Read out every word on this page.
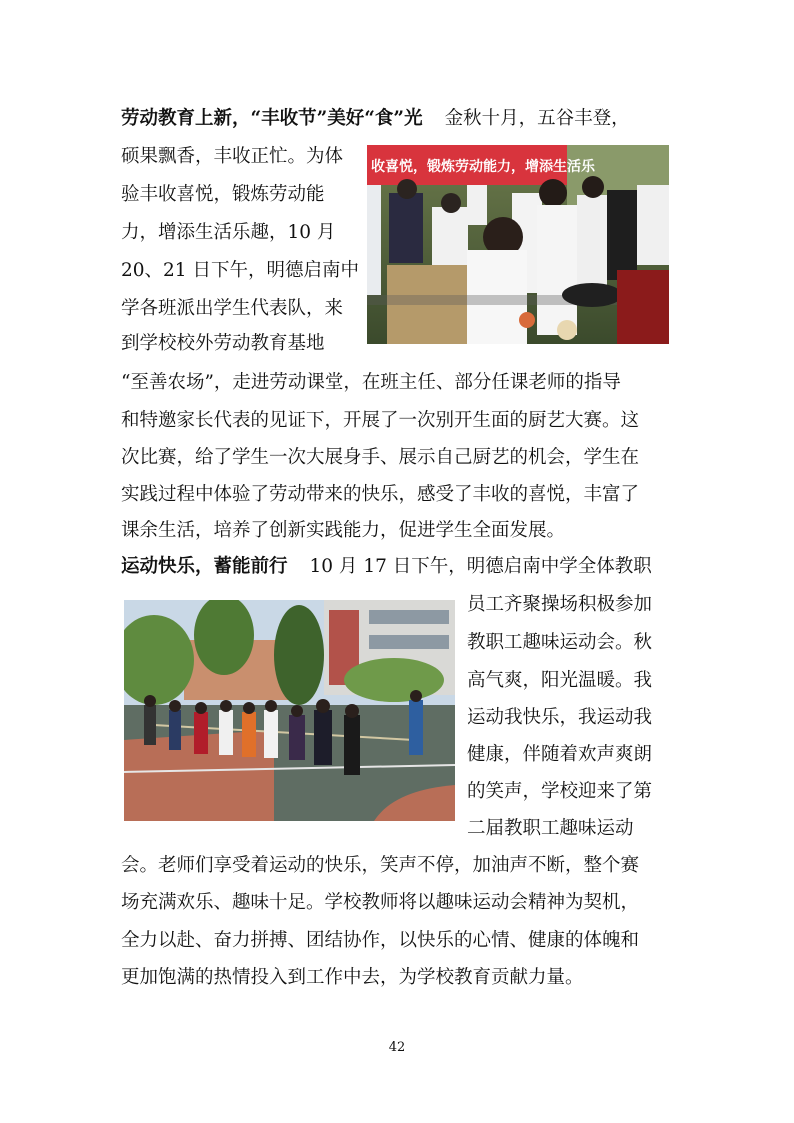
劳动教育上新，“丰收节”美好“食”光 金秋十月，五谷丰登，
硕果飘香，丰收正忙。为体
验丰收喜悦，锻炼劳动能
力，增添生活乐趣，10 月
20、21 日下午，明德启南中
学各班派出学生代表队，来
到学校校外劳动教育基地
“至善农场”，走进劳动课堂，在班主任、部分任课老师的指导
和特邀家长代表的见证下，开展了一次别开生面的厨艺大赛。这
次比赛，给了学生一次大展身手、展示自己厨艺的机会，学生在
实践过程中体验了劳动带来的快乐，感受了丰收的喜悦，丰富了
课余生活，培养了创新实践能力，促进学生全面发展。
收喜悦，锻炼劳动能力，增添生活乐
运动快乐，蓄能前行 10 月 17 日下午，明德启南中学全体教职
员工齐聚操场积极参加
教职工趣味运动会。秋
高气爽，阳光温暖。我
运动我快乐，我运动我
健康，伴随着欢声爽朗
的笑声，学校迎来了第
二届教职工趣味运动
会。老师们享受着运动的快乐，笑声不停，加油声不断，整个赛
场充满欢乐、趣味十足。学校教师将以趣味运动会精神为契机，
全力以赴、奋力拼搏、团结协作，以快乐的心情、健康的体魄和
更加饱满的热情投入到工作中去，为学校教育贡献力量。
42
